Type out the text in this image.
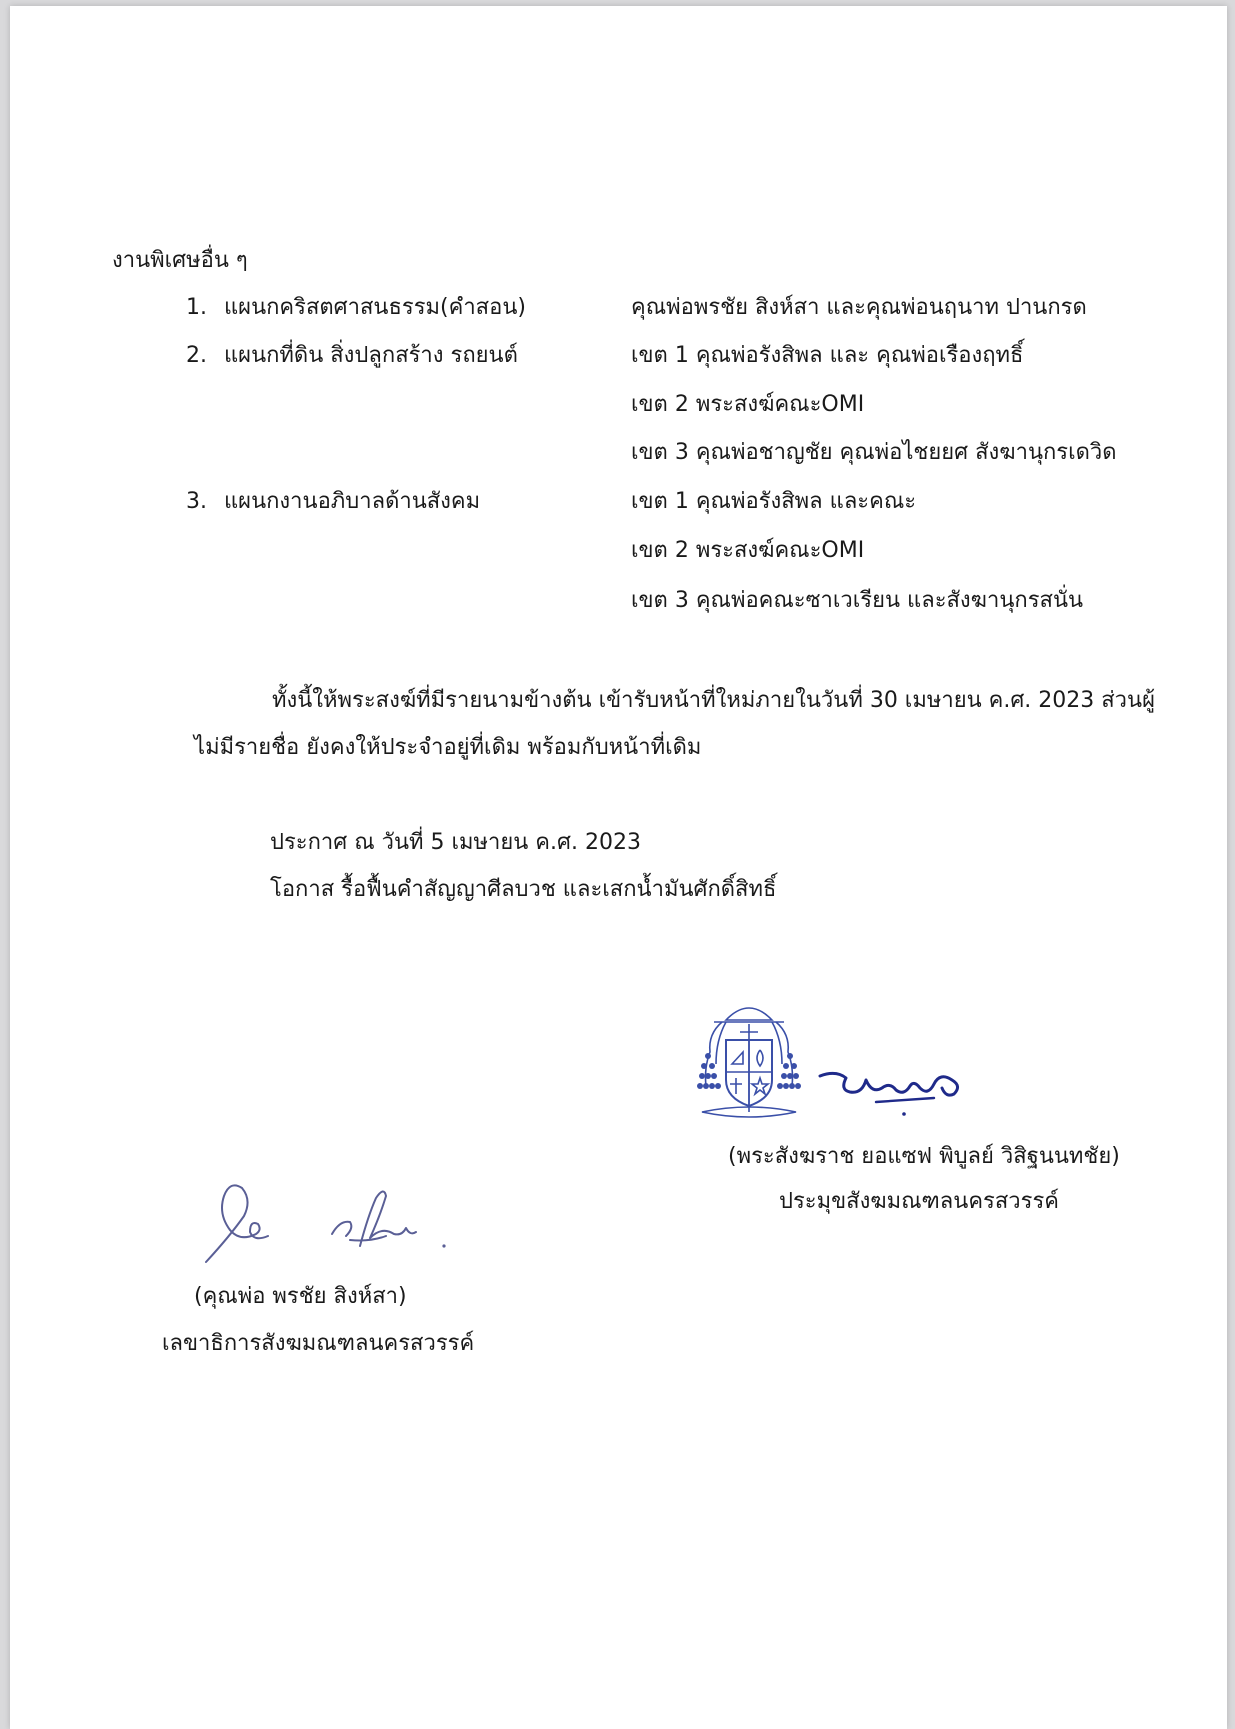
งานพิเศษอื่น ๆ
1. แผนกคริสตศาสนธรรม(คำสอน)	คุณพ่อพรชัย สิงห์สา และคุณพ่อนฤนาท ปานกรด
2. แผนกที่ดิน สิ่งปลูกสร้าง รถยนต์	เขต 1 คุณพ่อรังสิพล และ คุณพ่อเรืองฤทธิ์
เขต 2 พระสงฆ์คณะOMI
เขต 3 คุณพ่อชาญชัย คุณพ่อไชยยศ สังฆานุกรเดวิด
3. แผนกงานอภิบาลด้านสังคม	เขต 1 คุณพ่อรังสิพล และคณะ
เขต 2 พระสงฆ์คณะOMI
เขต 3 คุณพ่อคณะซาเวเรียน และสังฆานุกรสนั่น
ทั้งนี้ให้พระสงฆ์ที่มีรายนามข้างต้น เข้ารับหน้าที่ใหม่ภายในวันที่ 30 เมษายน ค.ศ. 2023 ส่วนผู้
ไม่มีรายชื่อ ยังคงให้ประจำอยู่ที่เดิม พร้อมกับหน้าที่เดิม
ประกาศ ณ วันที่ 5 เมษายน ค.ศ. 2023
โอกาส รื้อฟื้นคำสัญญาศีลบวช และเสกน้ำมันศักดิ์สิทธิ์
(พระสังฆราช ยอแซฟ พิบูลย์ วิสิฐนนทชัย)
ประมุขสังฆมณฑลนครสวรรค์
(คุณพ่อ พรชัย สิงห์สา)
เลขาธิการสังฆมณฑลนครสวรรค์
